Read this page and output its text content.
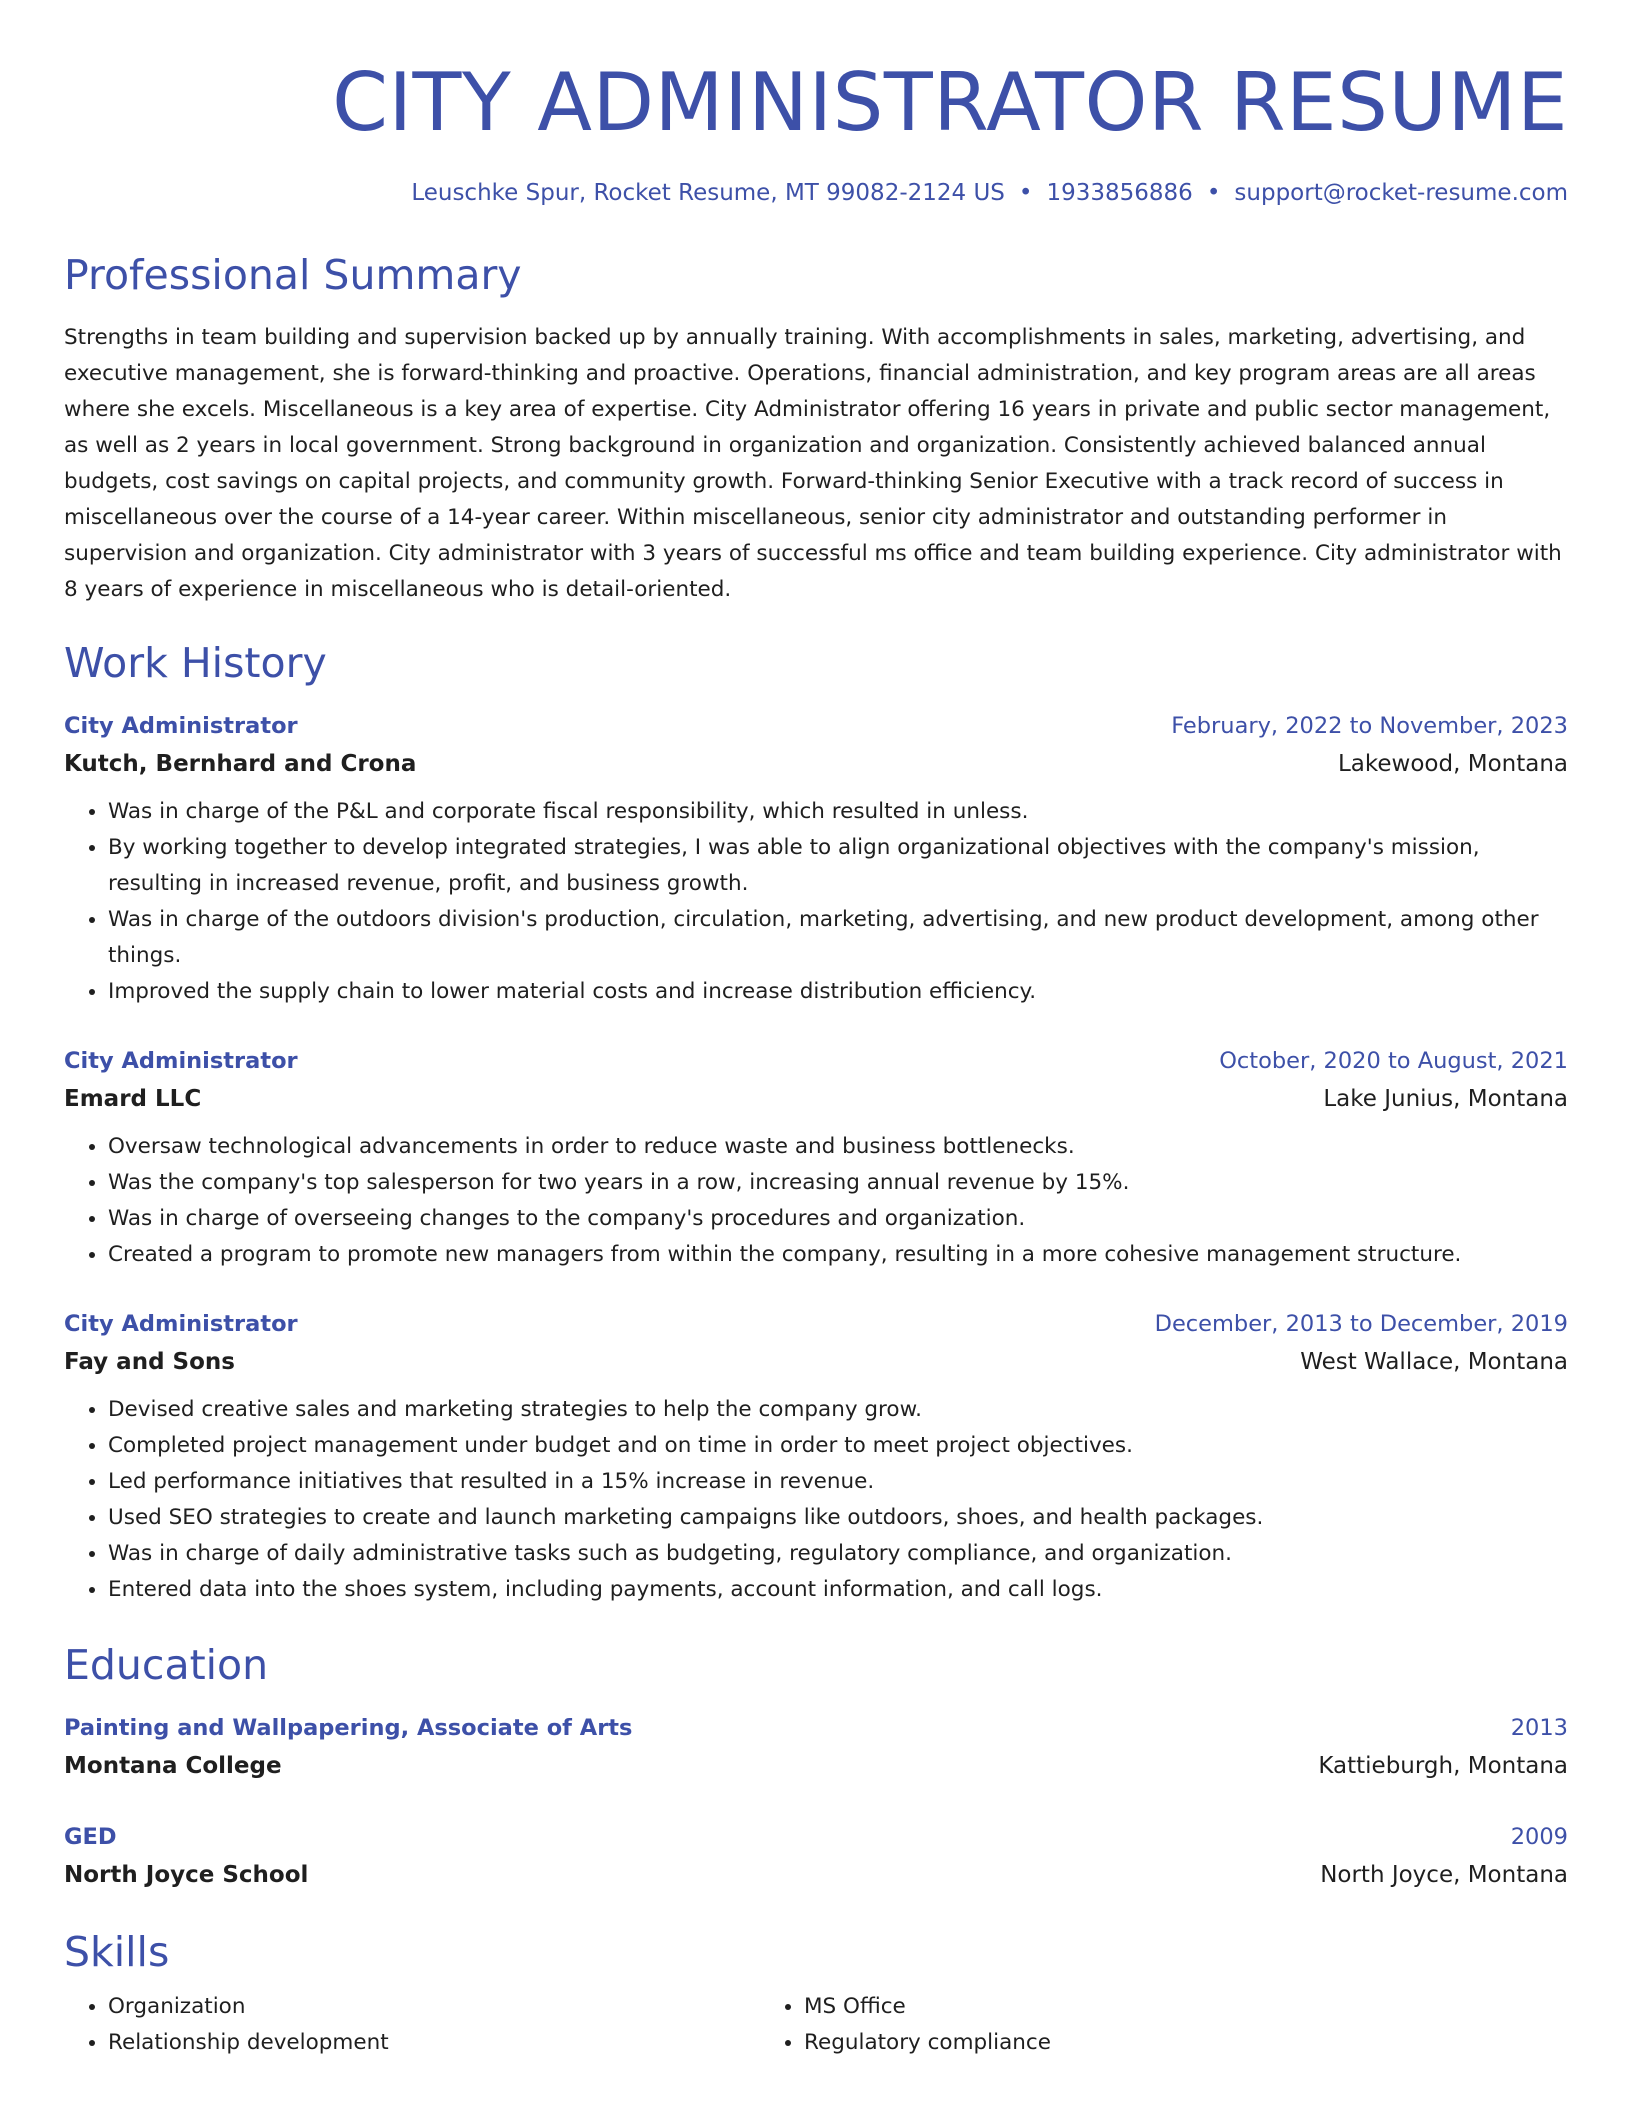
CITY ADMINISTRATOR RESUME
Leuschke Spur, Rocket Resume, MT 99082-2124 US • 1933856886 • support@rocket-resume.com
Professional Summary
Strengths in team building and supervision backed up by annually training. With accomplishments in sales, marketing, advertising, and executive management, she is forward-thinking and proactive. Operations, financial administration, and key program areas are all areas where she excels. Miscellaneous is a key area of expertise. City Administrator offering 16 years in private and public sector management, as well as 2 years in local government. Strong background in organization and organization. Consistently achieved balanced annual budgets, cost savings on capital projects, and community growth. Forward-thinking Senior Executive with a track record of success in miscellaneous over the course of a 14-year career. Within miscellaneous, senior city administrator and outstanding performer in supervision and organization. City administrator with 3 years of successful ms office and team building experience. City administrator with 8 years of experience in miscellaneous who is detail-oriented.
Work History
City Administrator	February, 2022 to November, 2023
Kutch, Bernhard and Crona	Lakewood, Montana
• Was in charge of the P&L and corporate fiscal responsibility, which resulted in unless.
• By working together to develop integrated strategies, I was able to align organizational objectives with the company's mission, resulting in increased revenue, profit, and business growth.
• Was in charge of the outdoors division's production, circulation, marketing, advertising, and new product development, among other things.
• Improved the supply chain to lower material costs and increase distribution efficiency.
City Administrator	October, 2020 to August, 2021
Emard LLC	Lake Junius, Montana
• Oversaw technological advancements in order to reduce waste and business bottlenecks.
• Was the company's top salesperson for two years in a row, increasing annual revenue by 15%.
• Was in charge of overseeing changes to the company's procedures and organization.
• Created a program to promote new managers from within the company, resulting in a more cohesive management structure.
City Administrator	December, 2013 to December, 2019
Fay and Sons	West Wallace, Montana
• Devised creative sales and marketing strategies to help the company grow.
• Completed project management under budget and on time in order to meet project objectives.
• Led performance initiatives that resulted in a 15% increase in revenue.
• Used SEO strategies to create and launch marketing campaigns like outdoors, shoes, and health packages.
• Was in charge of daily administrative tasks such as budgeting, regulatory compliance, and organization.
• Entered data into the shoes system, including payments, account information, and call logs.
Education
Painting and Wallpapering, Associate of Arts	2013
Montana College	Kattieburgh, Montana
GED	2009
North Joyce School	North Joyce, Montana
Skills
• Organization
• Relationship development
• MS Office
• Regulatory compliance
